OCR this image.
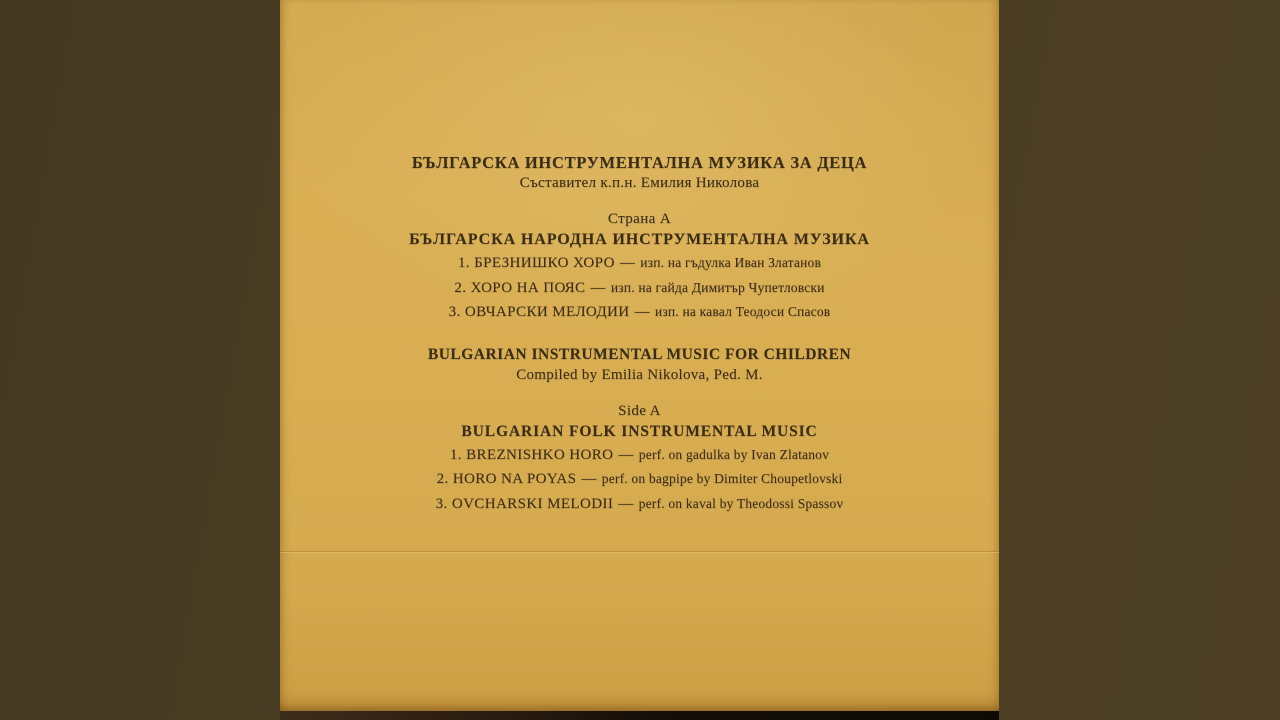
БЪЛГАРСКА ИНСТРУМЕНТАЛНА МУЗИКА ЗА ДЕЦА
Съставител к.п.н. Емилия Николова
Страна А
БЪЛГАРСКА НАРОДНА ИНСТРУМЕНТАЛНА МУЗИКА
1. БРЕЗНИШКО ХОРО — изп. на гъдулка Иван Златанов
2. ХОРО НА ПОЯС — изп. на гайда Димитър Чупетловски
3. ОВЧАРСКИ МЕЛОДИИ — изп. на кавал Теодоси Спасов
BULGARIAN INSTRUMENTAL MUSIC FOR CHILDREN
Compiled by Emilia Nikolova, Ped. M.
Side A
BULGARIAN FOLK INSTRUMENTAL MUSIC
1. BREZNISHKO HORO — perf. on gadulka by Ivan Zlatanov
2. HORO NA POYAS — perf. on bagpipe by Dimiter Choupetlovski
3. OVCHARSKI MELODII — perf. on kaval by Theodossi Spassov
